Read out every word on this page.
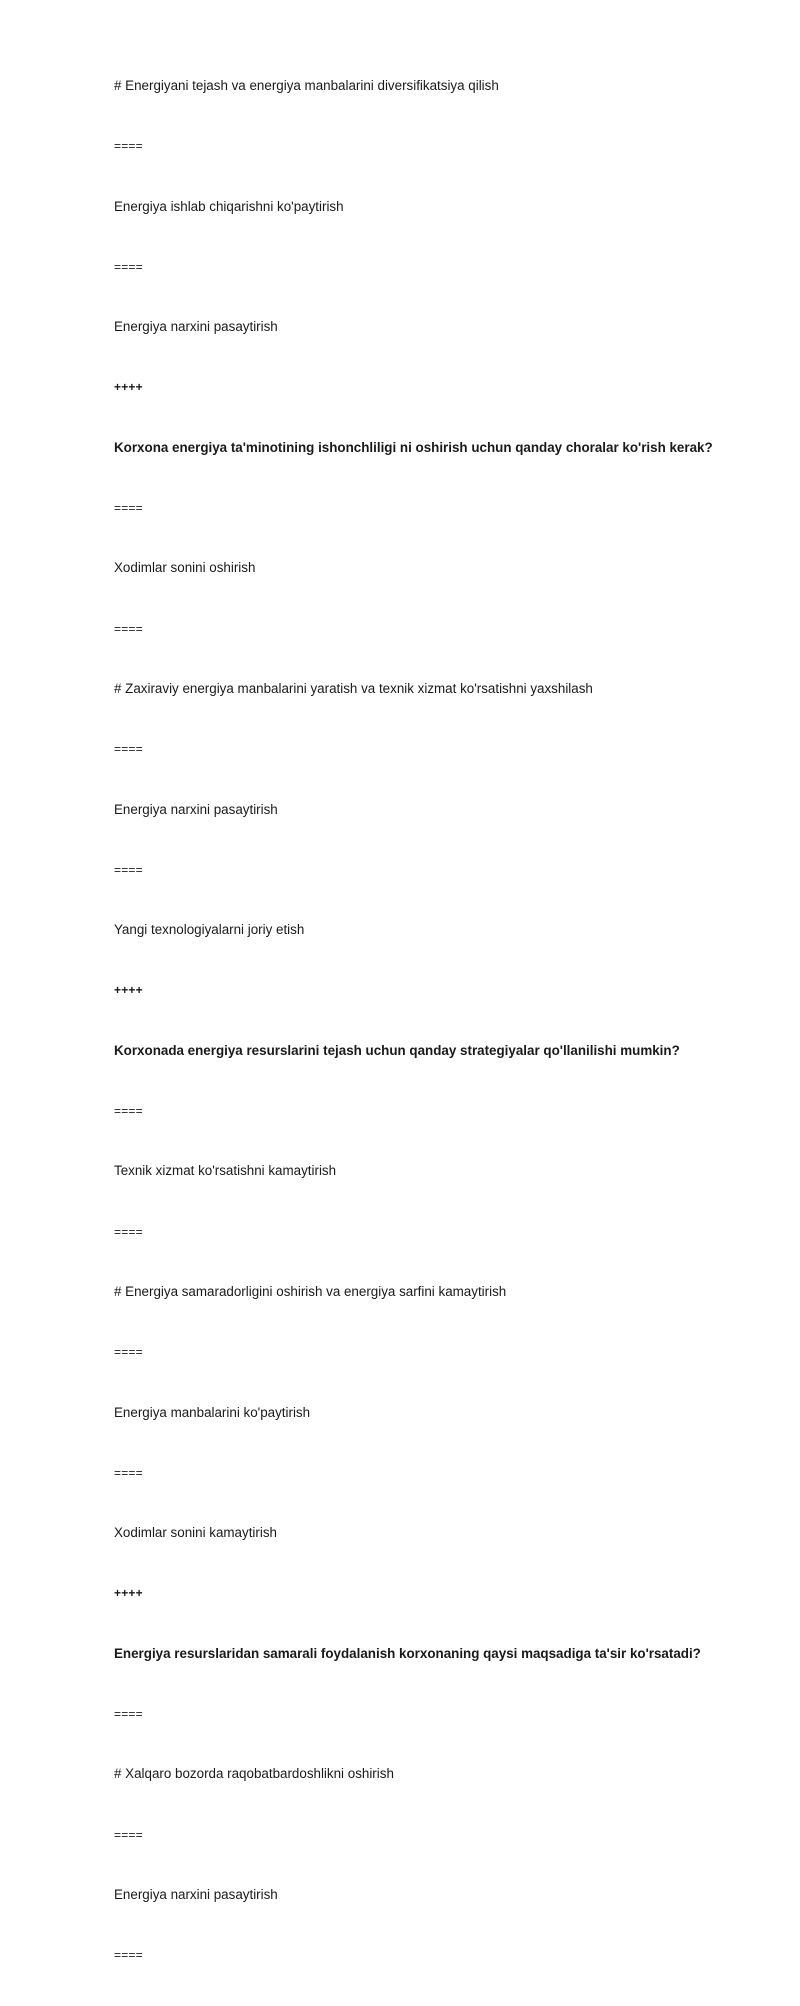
# Energiyani tejash va energiya manbalarini diversifikatsiya qilish
====
Energiya ishlab chiqarishni ko'paytirish
====
Energiya narxini pasaytirish
++++
Korxona energiya ta'minotining ishonchliligi ni oshirish uchun qanday choralar ko'rish kerak?
====
Xodimlar sonini oshirish
====
# Zaxiraviy energiya manbalarini yaratish va texnik xizmat ko'rsatishni yaxshilash
====
Energiya narxini pasaytirish
====
Yangi texnologiyalarni joriy etish
++++
Korxonada energiya resurslarini tejash uchun qanday strategiyalar qo'llanilishi mumkin?
====
Texnik xizmat ko'rsatishni kamaytirish
====
# Energiya samaradorligini oshirish va energiya sarfini kamaytirish
====
Energiya manbalarini ko'paytirish
====
Xodimlar sonini kamaytirish
++++
Energiya resurslaridan samarali foydalanish korxonaning qaysi maqsadiga ta'sir ko'rsatadi?
====
# Xalqaro bozorda raqobatbardoshlikni oshirish
====
Energiya narxini pasaytirish
====
